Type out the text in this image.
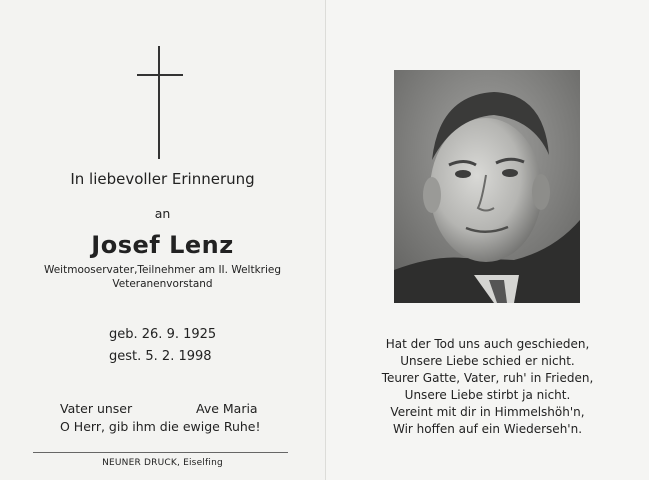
In liebevoller Erinnerung
an
Josef Lenz
Weitmooservater,Teilnehmer am II. Weltkrieg
Veteranenvorstand
geb. 26. 9. 1925
gest. 5. 2. 1998
Vater unser	Ave Maria
O Herr, gib ihm die ewige Ruhe!
NEUNER DRUCK, Eiselfing
Hat der Tod uns auch geschieden,
Unsere Liebe schied er nicht.
Teurer Gatte, Vater, ruh' in Frieden,
Unsere Liebe stirbt ja nicht.
Vereint mit dir in Himmelshöh'n,
Wir hoffen auf ein Wiederseh'n.
